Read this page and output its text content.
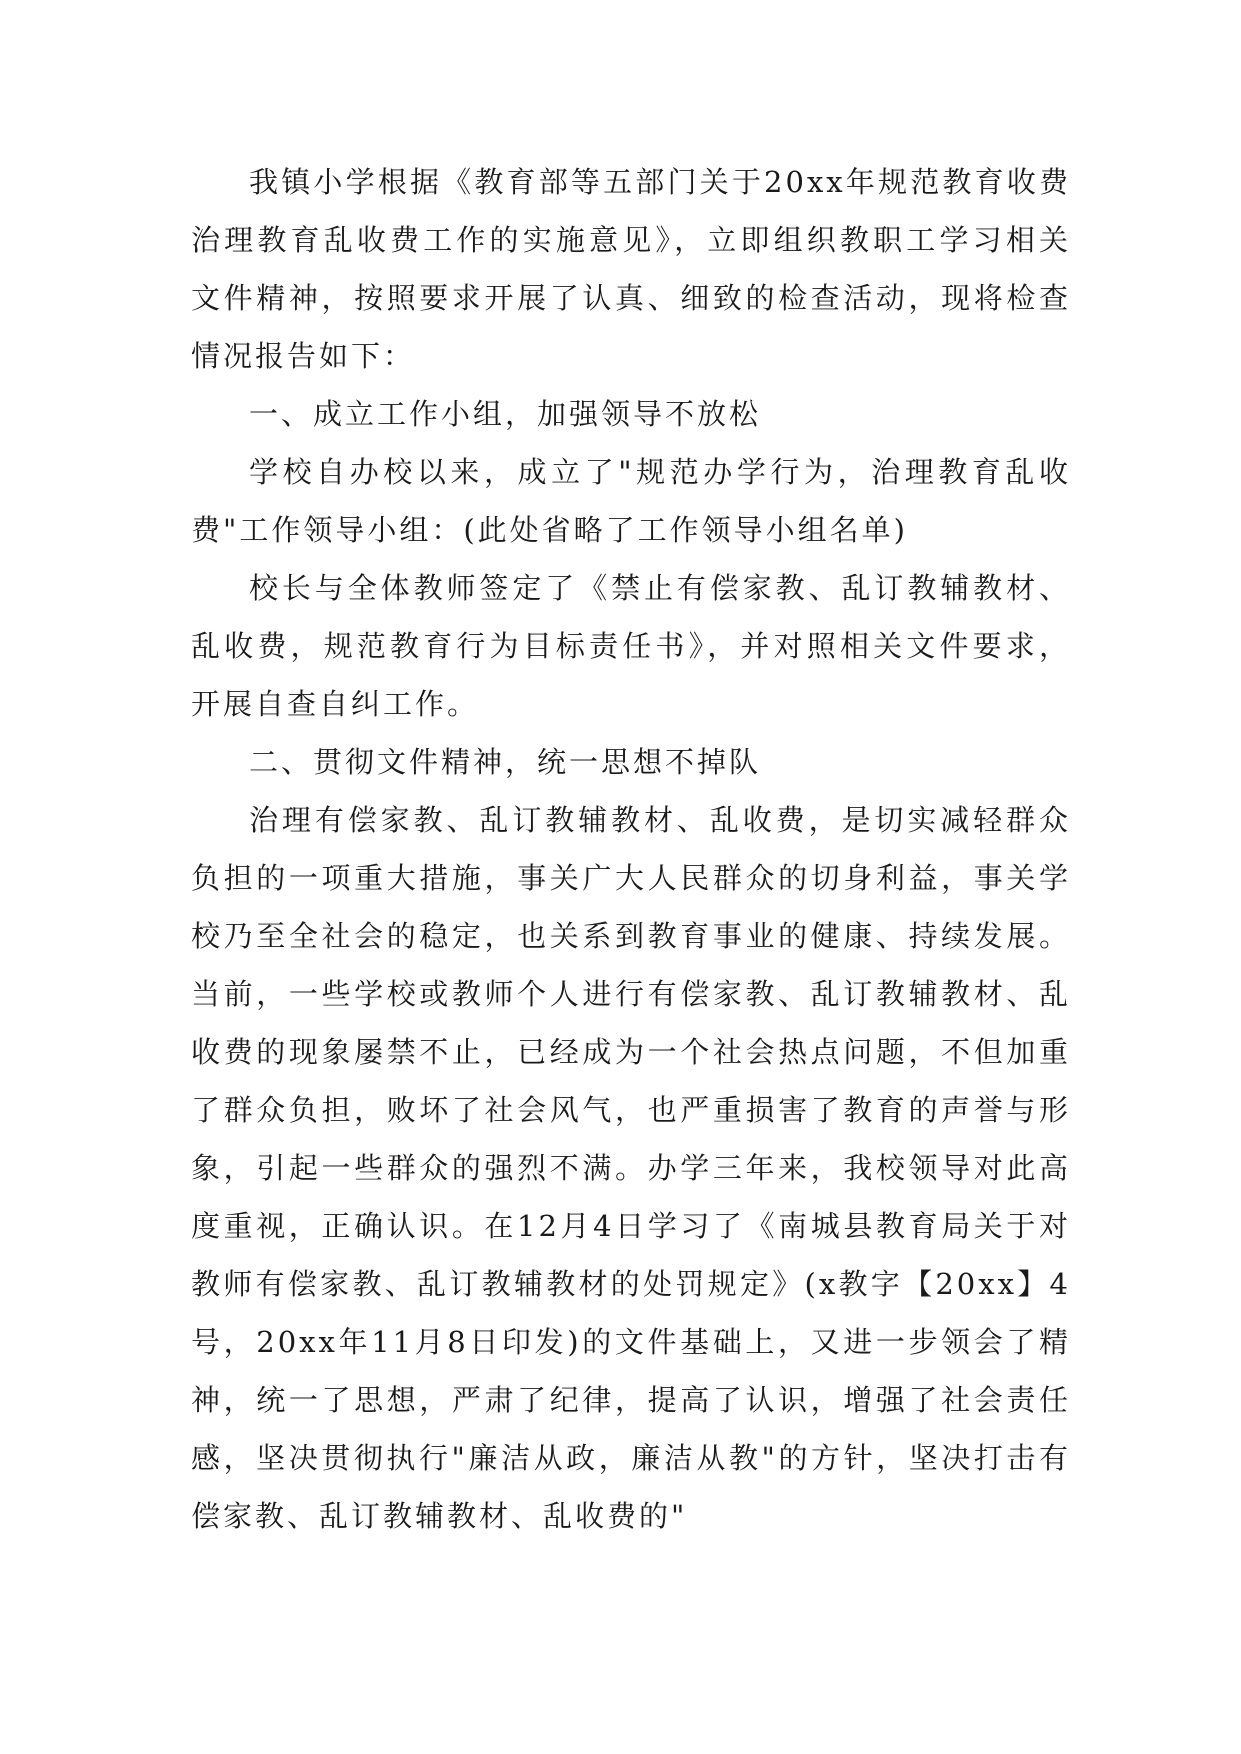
我镇小学根据《教育部等五部门关于20xx年规范教育收费治理教育乱收费工作的实施意见》，立即组织教职工学习相关文件精神，按照要求开展了认真、细致的检查活动，现将检查情况报告如下：

一、成立工作小组，加强领导不放松

学校自办校以来，成立了"规范办学行为，治理教育乱收费"工作领导小组：(此处省略了工作领导小组名单)

校长与全体教师签定了《禁止有偿家教、乱订教辅教材、乱收费，规范教育行为目标责任书》，并对照相关文件要求，开展自查自纠工作。

二、贯彻文件精神，统一思想不掉队

治理有偿家教、乱订教辅教材、乱收费，是切实减轻群众负担的一项重大措施，事关广大人民群众的切身利益，事关学校乃至全社会的稳定，也关系到教育事业的健康、持续发展。当前，一些学校或教师个人进行有偿家教、乱订教辅教材、乱收费的现象屡禁不止，已经成为一个社会热点问题，不但加重了群众负担，败坏了社会风气，也严重损害了教育的声誉与形象，引起一些群众的强烈不满。办学三年来，我校领导对此高度重视，正确认识。在12月4日学习了《南城县教育局关于对教师有偿家教、乱订教辅教材的处罚规定》(x教字【20xx】4号，20xx年11月8日印发)的文件基础上，又进一步领会了精神，统一了思想，严肃了纪律，提高了认识，增强了社会责任感，坚决贯彻执行"廉洁从政，廉洁从教"的方针，坚决打击有偿家教、乱订教辅教材、乱收费的"
